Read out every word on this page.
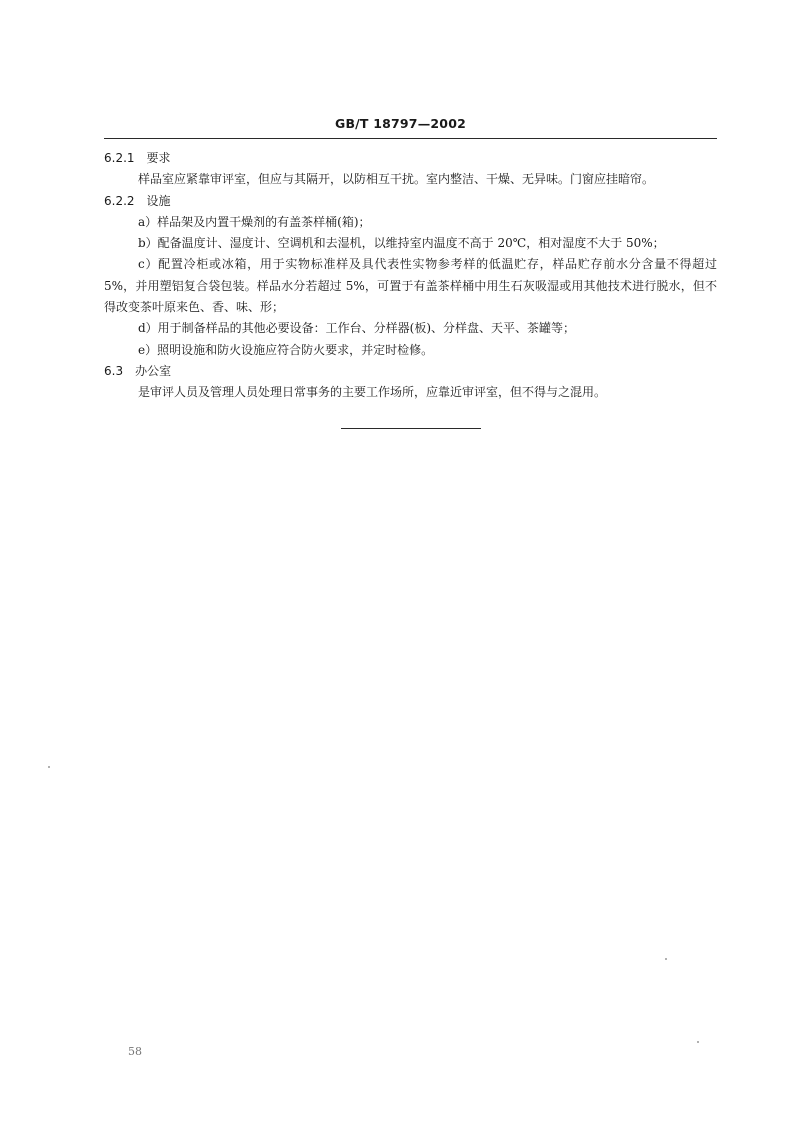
GB/T 18797—2002
6.2.1 要求
样品室应紧靠审评室，但应与其隔开，以防相互干扰。室内整洁、干燥、无异味。门窗应挂暗帘。
6.2.2 设施
a）样品架及内置干燥剂的有盖茶样桶(箱)；
b）配备温度计、湿度计、空调机和去湿机，以维持室内温度不高于 20℃，相对湿度不大于 50%；
c）配置冷柜或冰箱，用于实物标准样及具代表性实物参考样的低温贮存，样品贮存前水分含量不得超过 5%，并用塑铝复合袋包装。样品水分若超过 5%，可置于有盖茶样桶中用生石灰吸湿或用其他技术进行脱水，但不得改变茶叶原来色、香、味、形；
d）用于制备样品的其他必要设备：工作台、分样器(板)、分样盘、天平、茶罐等；
e）照明设施和防火设施应符合防火要求，并定时检修。
6.3 办公室
是审评人员及管理人员处理日常事务的主要工作场所，应靠近审评室，但不得与之混用。
58
